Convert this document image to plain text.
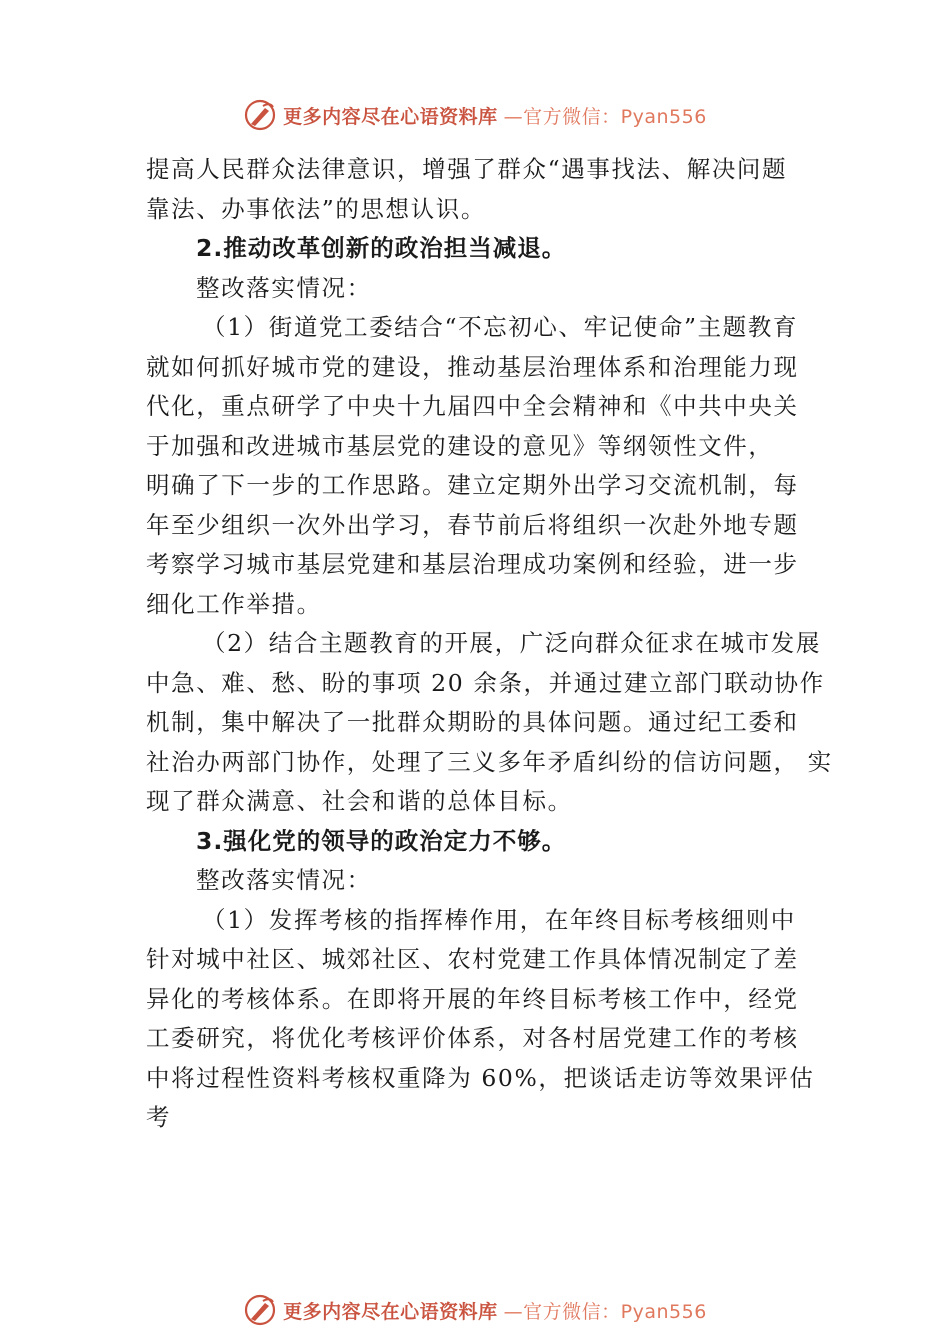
更多内容尽在心语资料库 —官方微信：Pyan556
提高人民群众法律意识，增强了群众“遇事找法、解决问题
靠法、办事依法”的思想认识。
2.推动改革创新的政治担当减退。
整改落实情况：
（1）街道党工委结合“不忘初心、牢记使命”主题教育
就如何抓好城市党的建设，推动基层治理体系和治理能力现
代化，重点研学了中央十九届四中全会精神和《中共中央关
于加强和改进城市基层党的建设的意见》等纲领性文件，
明确了下一步的工作思路。建立定期外出学习交流机制，每
年至少组织一次外出学习，春节前后将组织一次赴外地专题
考察学习城市基层党建和基层治理成功案例和经验，进一步
细化工作举措。
（2）结合主题教育的开展，广泛向群众征求在城市发展
中急、难、愁、盼的事项 20 余条，并通过建立部门联动协作
机制，集中解决了一批群众期盼的具体问题。通过纪工委和
社治办两部门协作，处理了三义多年矛盾纠纷的信访问题， 实
现了群众满意、社会和谐的总体目标。
3.强化党的领导的政治定力不够。
整改落实情况：
（1）发挥考核的指挥棒作用，在年终目标考核细则中
针对城中社区、城郊社区、农村党建工作具体情况制定了差
异化的考核体系。在即将开展的年终目标考核工作中，经党
工委研究，将优化考核评价体系，对各村居党建工作的考核
中将过程性资料考核权重降为 60%，把谈话走访等效果评估
考
更多内容尽在心语资料库 —官方微信：Pyan556
